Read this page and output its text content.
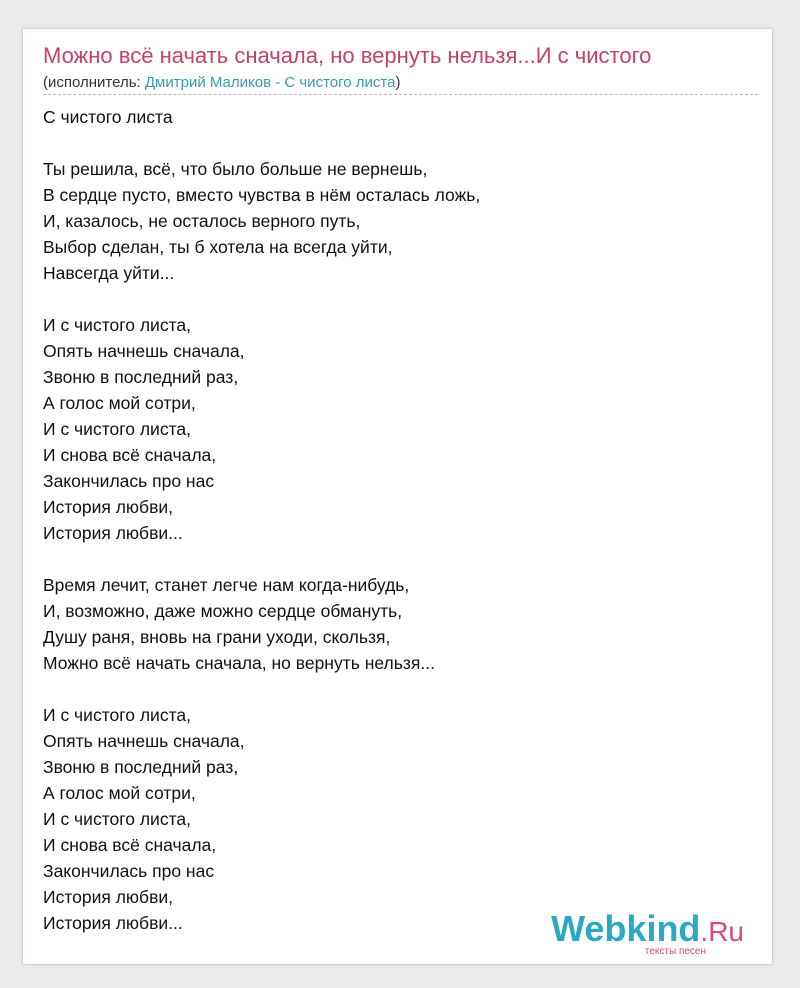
Можно всё начать сначала, но вернуть нельзя...И с чистого
(исполнитель: Дмитрий Маликов - С чистого листа)
С чистого листа
Ты решила, всё, что было больше не вернешь,
В сердце пусто, вместо чувства в нём осталась ложь,
И, казалось, не осталось верного путь,
Выбор сделан, ты б хотела на всегда уйти,
Навсегда уйти...
И с чистого листа,
Опять начнешь сначала,
Звоню в последний раз,
А голос мой сотри,
И с чистого листа,
И снова всё сначала,
Закончилась про нас
История любви,
История любви...
Время лечит, станет легче нам когда-нибудь,
И, возможно, даже можно сердце обмануть,
Душу раня, вновь на грани уходи, скользя,
Можно всё начать сначала, но вернуть нельзя...
И с чистого листа,
Опять начнешь сначала,
Звоню в последний раз,
А голос мой сотри,
И с чистого листа,
И снова всё сначала,
Закончилась про нас
История любви,
История любви...	Webkind.Ru
тексты песен
